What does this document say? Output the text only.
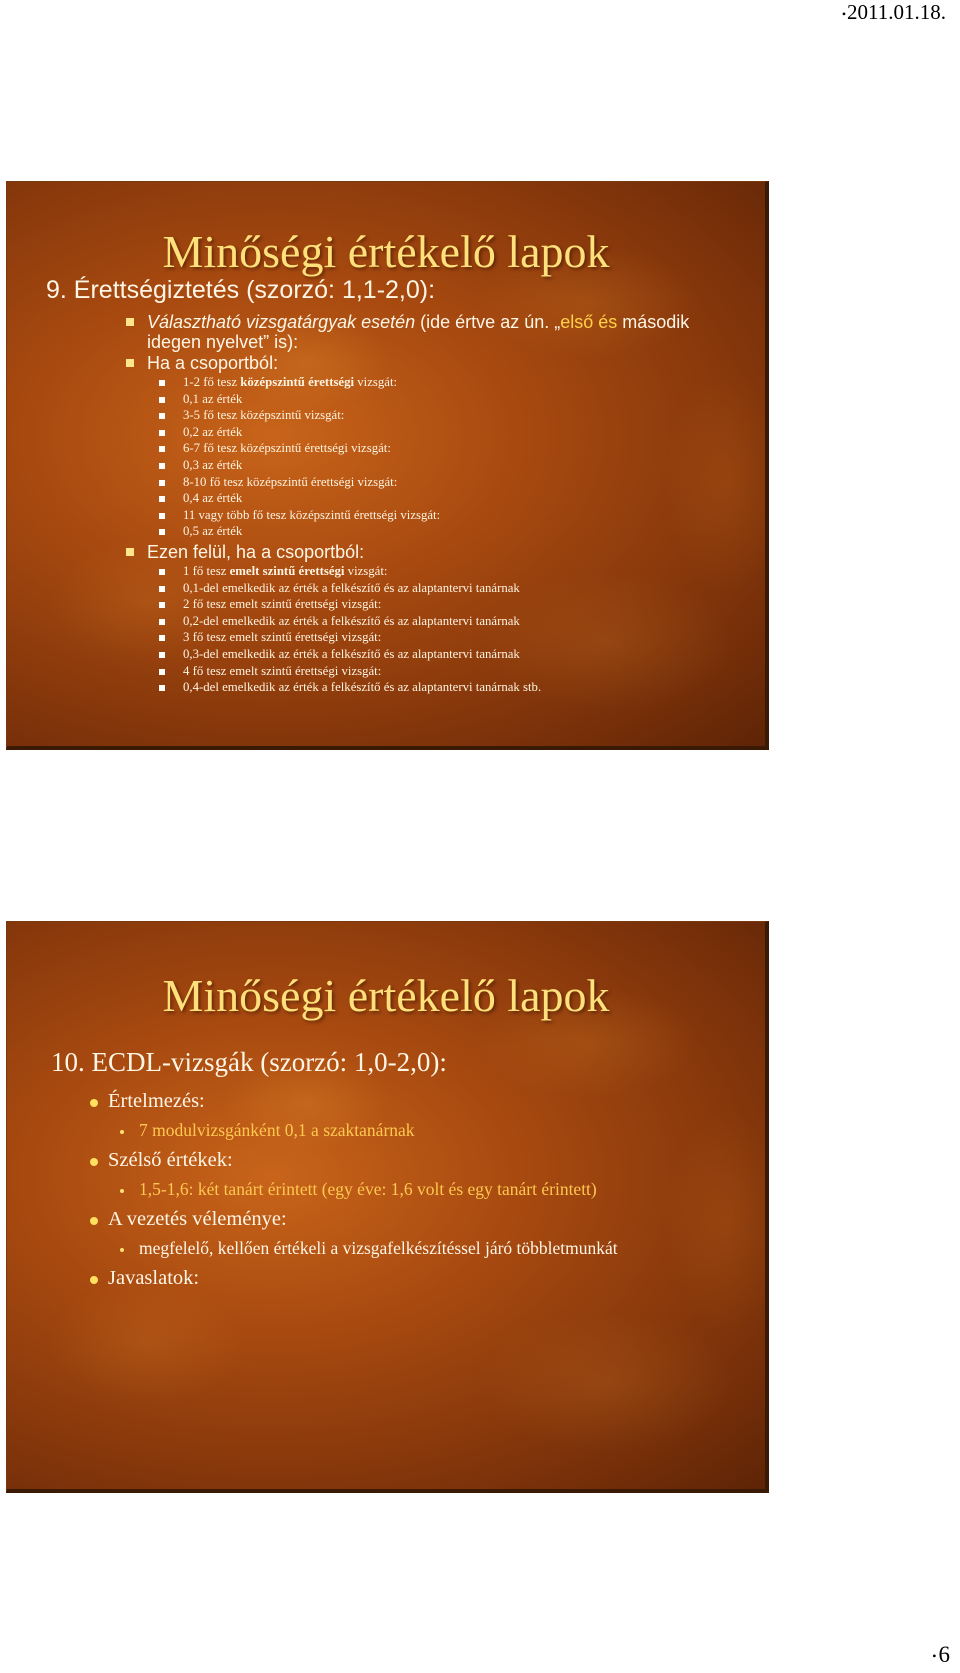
•2011.01.18.
Minőségi értékelő lapok
9. Érettségiztetés (szorzó: 1,1-2,0):
Választható vizsgatárgyak esetén (ide értve az ún. „első és második idegen nyelvet” is):
Ha a csoportból:
1-2 fő tesz középszintű érettségi vizsgát:
0,1 az érték
3-5 fő tesz középszintű vizsgát:
0,2 az érték
6-7 fő tesz középszintű érettségi vizsgát:
0,3 az érték
8-10 fő tesz középszintű érettségi vizsgát:
0,4 az érték
11 vagy több fő tesz középszintű érettségi vizsgát:
0,5 az érték
Ezen felül, ha a csoportból:
1 fő tesz emelt szintű érettségi vizsgát:
0,1-del emelkedik az érték a felkészítő és az alaptantervi tanárnak
2 fő tesz emelt szintű érettségi vizsgát:
0,2-del emelkedik az érték a felkészítő és az alaptantervi tanárnak
3 fő tesz emelt szintű érettségi vizsgát:
0,3-del emelkedik az érték a felkészítő és az alaptantervi tanárnak
4 fő tesz emelt szintű érettségi vizsgát:
0,4-del emelkedik az érték a felkészítő és az alaptantervi tanárnak stb.
Minőségi értékelő lapok
10. ECDL-vizsgák (szorzó: 1,0-2,0):
Értelmezés:
7 modulvizsgánként 0,1 a szaktanárnak
Szélső értékek:
1,5-1,6: két tanárt érintett (egy éve: 1,6 volt és egy tanárt érintett)
A vezetés véleménye:
megfelelő, kellően értékeli a vizsgafelkészítéssel járó többletmunkát
Javaslatok:
•6
